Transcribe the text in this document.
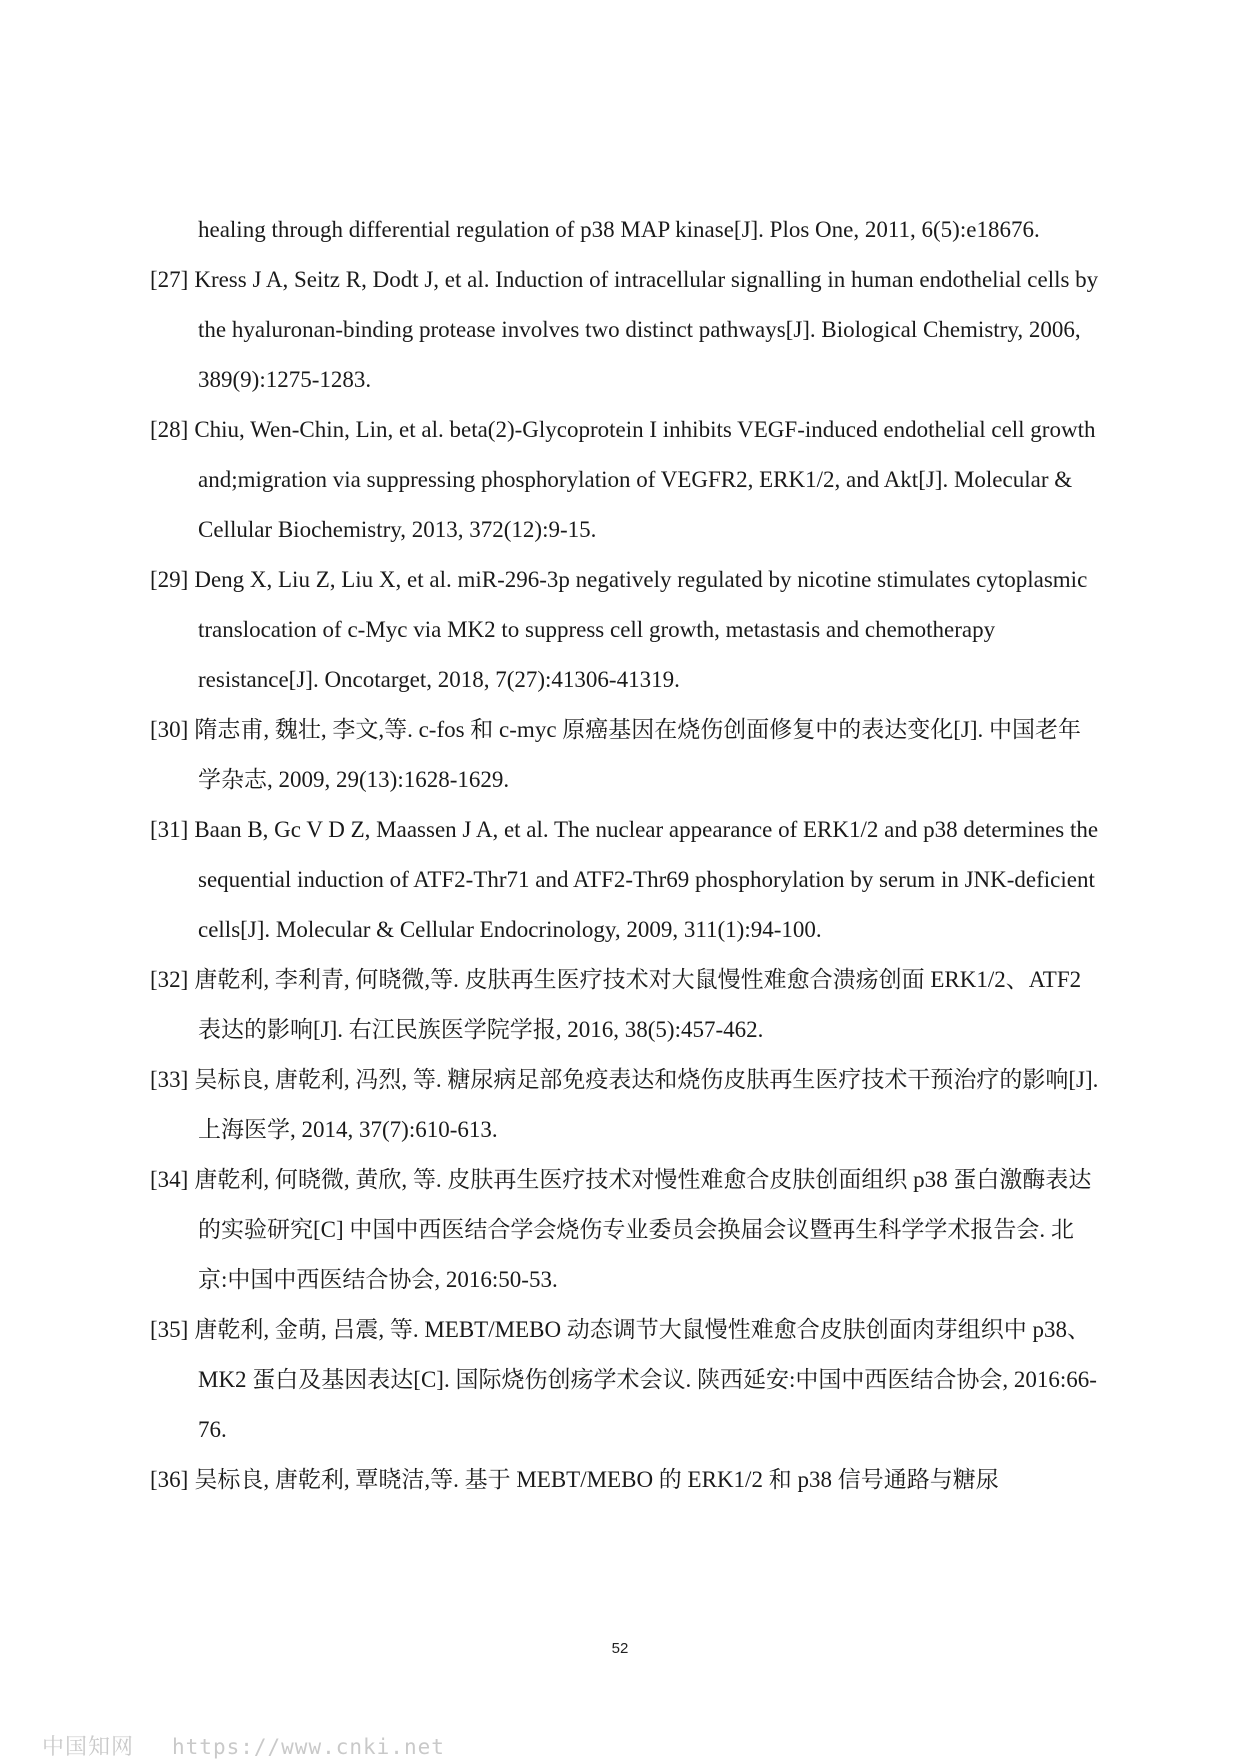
healing through differential regulation of p38 MAP kinase[J]. Plos One, 2011, 6(5):e18676.
[27] Kress J A, Seitz R, Dodt J, et al. Induction of intracellular signalling in human endothelial cells by the hyaluronan-binding protease involves two distinct pathways[J]. Biological Chemistry, 2006, 389(9):1275-1283.
[28] Chiu, Wen-Chin, Lin, et al. beta(2)-Glycoprotein I inhibits VEGF-induced endothelial cell growth and;migration via suppressing phosphorylation of VEGFR2, ERK1/2, and Akt[J]. Molecular & Cellular Biochemistry, 2013, 372(12):9-15.
[29] Deng X, Liu Z, Liu X, et al. miR-296-3p negatively regulated by nicotine stimulates cytoplasmic translocation of c-Myc via MK2 to suppress cell growth, metastasis and chemotherapy resistance[J]. Oncotarget, 2018, 7(27):41306-41319.
[30] 隋志甫, 魏壮, 李文,等. c-fos 和 c-myc 原癌基因在烧伤创面修复中的表达变化[J]. 中国老年学杂志, 2009, 29(13):1628-1629.
[31] Baan B, Gc V D Z, Maassen J A, et al. The nuclear appearance of ERK1/2 and p38 determines the sequential induction of ATF2-Thr71 and ATF2-Thr69 phosphorylation by serum in JNK-deficient cells[J]. Molecular & Cellular Endocrinology, 2009, 311(1):94-100.
[32] 唐乾利, 李利青, 何晓微,等. 皮肤再生医疗技术对大鼠慢性难愈合溃疡创面 ERK1/2、ATF2 表达的影响[J]. 右江民族医学院学报, 2016, 38(5):457-462.
[33] 吴标良, 唐乾利, 冯烈, 等. 糖尿病足部免疫表达和烧伤皮肤再生医疗技术干预治疗的影响[J]. 上海医学, 2014, 37(7):610-613.
[34] 唐乾利, 何晓微, 黄欣, 等. 皮肤再生医疗技术对慢性难愈合皮肤创面组织 p38 蛋白激酶表达的实验研究[C] 中国中西医结合学会烧伤专业委员会换届会议暨再生科学学术报告会. 北京:中国中西医结合协会, 2016:50-53.
[35] 唐乾利, 金萌, 吕震, 等. MEBT/MEBO 动态调节大鼠慢性难愈合皮肤创面肉芽组织中 p38、MK2 蛋白及基因表达[C]. 国际烧伤创疡学术会议. 陕西延安:中国中西医结合协会, 2016:66-76.
[36] 吴标良, 唐乾利, 覃晓洁,等. 基于 MEBT/MEBO 的 ERK1/2 和 p38 信号通路与糖尿
52
中国知网 https://www.cnki.net
